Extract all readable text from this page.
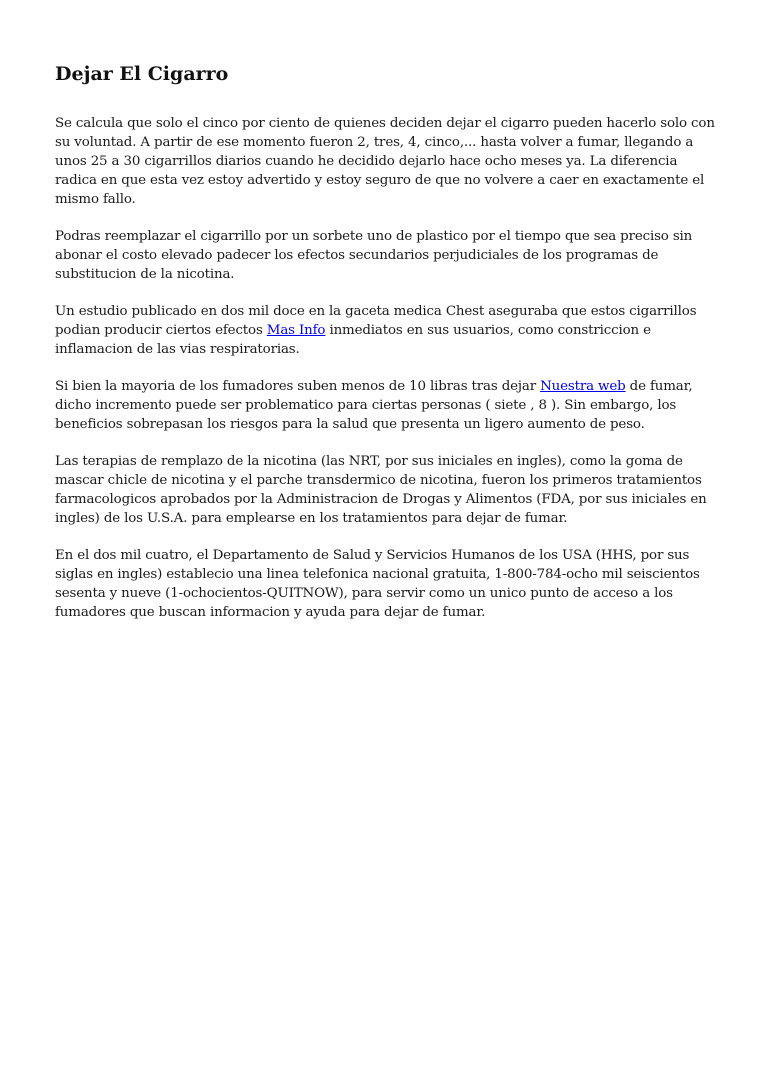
Dejar El Cigarro

Se calcula que solo el cinco por ciento de quienes deciden dejar el cigarro pueden hacerlo solo con su voluntad. A partir de ese momento fueron 2, tres, 4, cinco,... hasta volver a fumar, llegando a unos 25 a 30 cigarrillos diarios cuando he decidido dejarlo hace ocho meses ya. La diferencia radica en que esta vez estoy advertido y estoy seguro de que no volvere a caer en exactamente el mismo fallo.

Podras reemplazar el cigarrillo por un sorbete uno de plastico por el tiempo que sea preciso sin abonar el costo elevado padecer los efectos secundarios perjudiciales de los programas de substitucion de la nicotina.

Un estudio publicado en dos mil doce en la gaceta medica Chest aseguraba que estos cigarrillos podian producir ciertos efectos Mas Info inmediatos en sus usuarios, como constriccion e inflamacion de las vias respiratorias.

Si bien la mayoria de los fumadores suben menos de 10 libras tras dejar Nuestra web de fumar, dicho incremento puede ser problematico para ciertas personas ( siete , 8 ). Sin embargo, los beneficios sobrepasan los riesgos para la salud que presenta un ligero aumento de peso.

Las terapias de remplazo de la nicotina (las NRT, por sus iniciales en ingles), como la goma de mascar chicle de nicotina y el parche transdermico de nicotina, fueron los primeros tratamientos farmacologicos aprobados por la Administracion de Drogas y Alimentos (FDA, por sus iniciales en ingles) de los U.S.A. para emplearse en los tratamientos para dejar de fumar.

En el dos mil cuatro, el Departamento de Salud y Servicios Humanos de los USA (HHS, por sus siglas en ingles) establecio una linea telefonica nacional gratuita, 1-800-784-ocho mil seiscientos sesenta y nueve (1-ochocientos-QUITNOW), para servir como un unico punto de acceso a los fumadores que buscan informacion y ayuda para dejar de fumar.
